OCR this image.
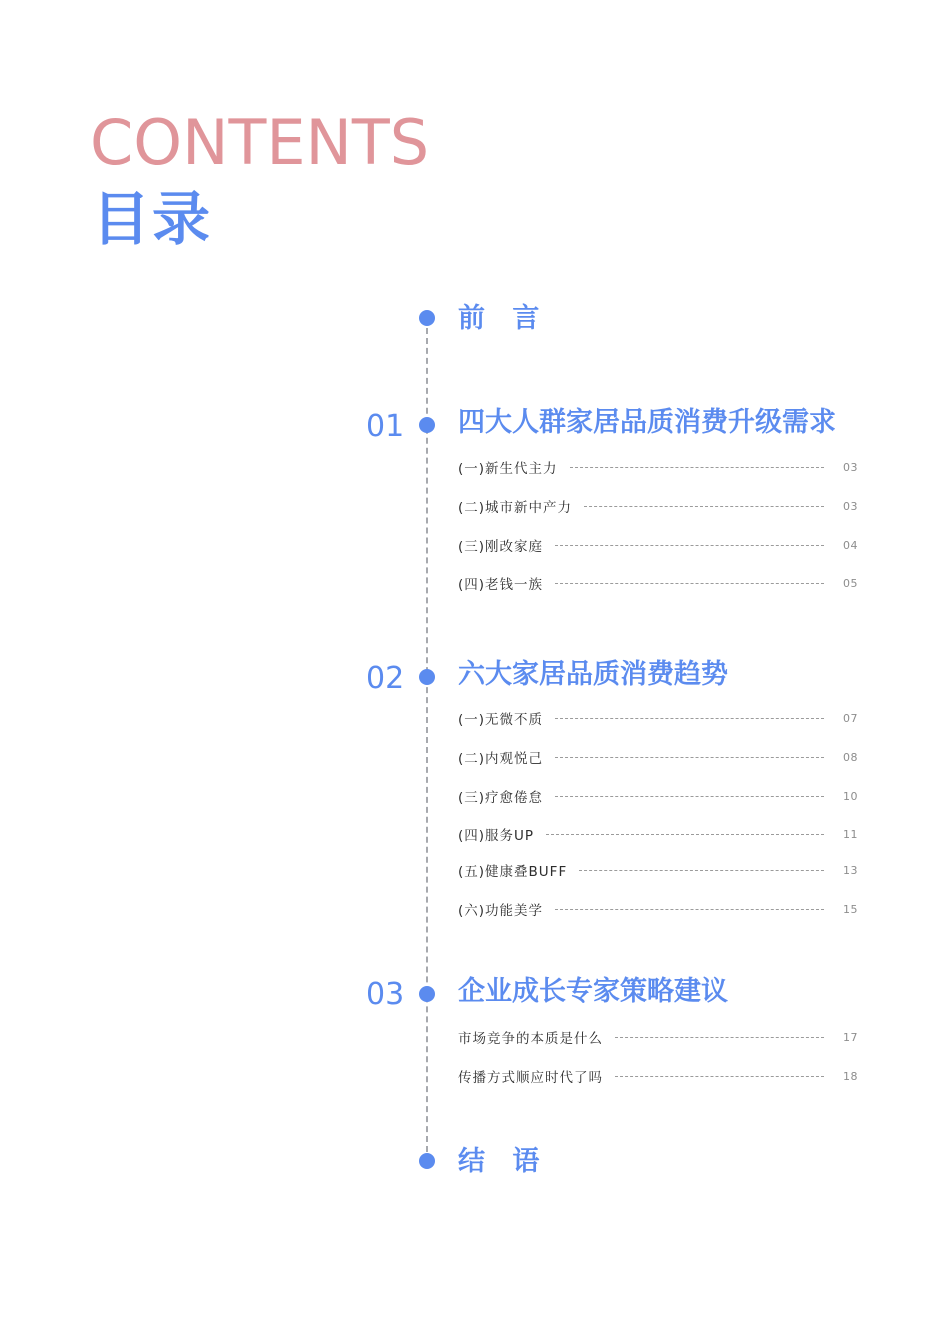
CONTENTS
目录
前 言
01 四大人群家居品质消费升级需求
(一)新生代主力	03
(二)城市新中产力	03
(三)刚改家庭	04
(四)老钱一族	05
02 六大家居品质消费趋势
(一)无微不质	07
(二)内观悦己	08
(三)疗愈倦怠	10
(四)服务UP	11
(五)健康叠BUFF	13
(六)功能美学	15
03 企业成长专家策略建议
市场竞争的本质是什么	17
传播方式顺应时代了吗	18
结 语
